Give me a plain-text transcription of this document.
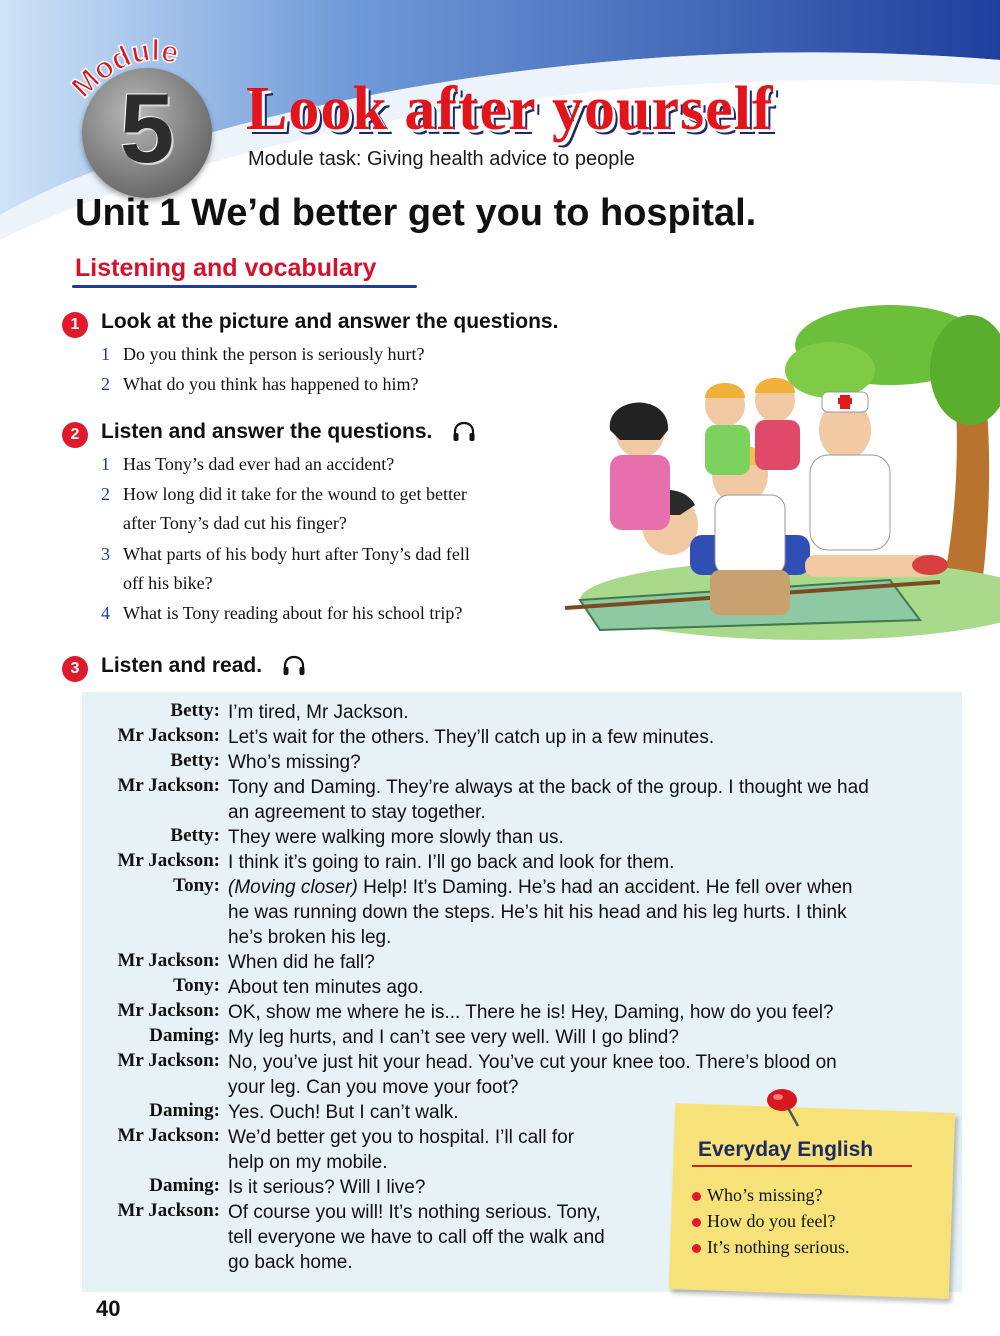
5
Module
Look after yourself
Module task: Giving health advice to people
Unit 1 We’d better get you to hospital.
Listening and vocabulary
1	Look at the picture and answer the questions.
1 Do you think the person is seriously hurt?
2 What do you think has happened to him?
2	Listen and answer the questions.
1 Has Tony’s dad ever had an accident?
2 How long did it take for the wound to get better
after Tony’s dad cut his finger?
3 What parts of his body hurt after Tony’s dad fell
off his bike?
4 What is Tony reading about for his school trip?
3	Listen and read.
Betty: I’m tired, Mr Jackson.
Mr Jackson: Let’s wait for the others. They’ll catch up in a few minutes.
Betty: Who’s missing?
Mr Jackson: Tony and Daming. They’re always at the back of the group. I thought we had
an agreement to stay together.
Betty: They were walking more slowly than us.
Mr Jackson: I think it’s going to rain. I’ll go back and look for them.
Tony: (Moving closer) Help! It’s Daming. He’s had an accident. He fell over when
he was running down the steps. He’s hit his head and his leg hurts. I think
he’s broken his leg.
Mr Jackson: When did he fall?
Tony: About ten minutes ago.
Mr Jackson: OK, show me where he is... There he is! Hey, Daming, how do you feel?
Daming: My leg hurts, and I can’t see very well. Will I go blind?
Mr Jackson: No, you’ve just hit your head. You’ve cut your knee too. There’s blood on
your leg. Can you move your foot?
Daming: Yes. Ouch! But I can’t walk.
Mr Jackson: We’d better get you to hospital. I’ll call for
help on my mobile.
Daming: Is it serious? Will I live?
Mr Jackson: Of course you will! It’s nothing serious. Tony,
tell everyone we have to call off the walk and
go back home.
Everyday English
Who’s missing?
How do you feel?
It’s nothing serious.
40
